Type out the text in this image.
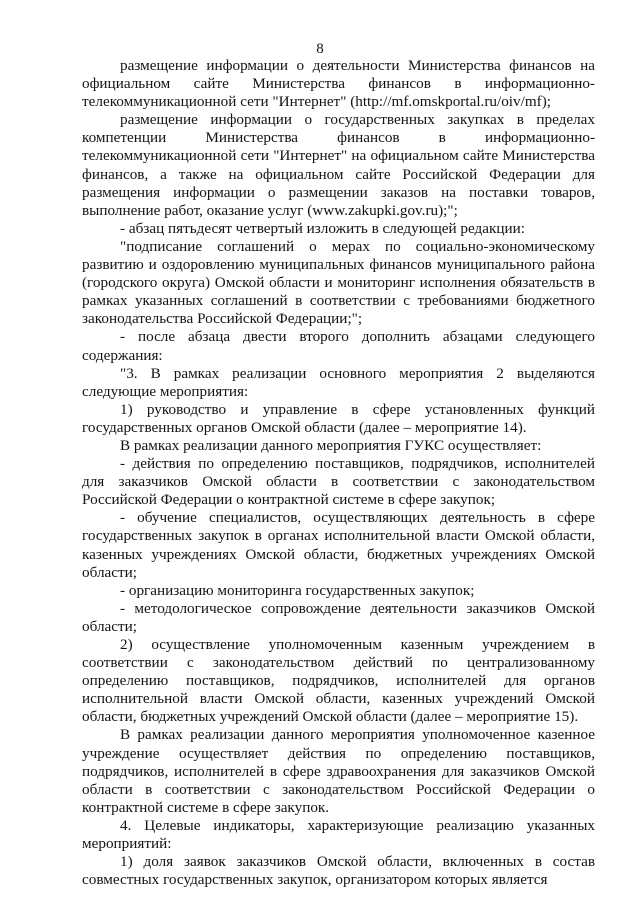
8

размещение информации о деятельности Министерства финансов на официальном сайте Министерства финансов в информационно-телекоммуникационной сети "Интернет" (http://mf.omskportal.ru/oiv/mf);

размещение информации о государственных закупках в пределах компетенции Министерства финансов в информационно-телекоммуникационной сети "Интернет" на официальном сайте Министерства финансов, а также на официальном сайте Российской Федерации для размещения информации о размещении заказов на поставки товаров, выполнение работ, оказание услуг (www.zakupki.gov.ru);";

- абзац пятьдесят четвертый изложить в следующей редакции:

"подписание соглашений о мерах по социально-экономическому развитию и оздоровлению муниципальных финансов муниципального района (городского округа) Омской области и мониторинг исполнения обязательств в рамках указанных соглашений в соответствии с требованиями бюджетного законодательства Российской Федерации;";

- после абзаца двести второго дополнить абзацами следующего содержания:

"3. В рамках реализации основного мероприятия 2 выделяются следующие мероприятия:

1) руководство и управление в сфере установленных функций государственных органов Омской области (далее – мероприятие 14).

В рамках реализации данного мероприятия ГУКС осуществляет:

- действия по определению поставщиков, подрядчиков, исполнителей для заказчиков Омской области в соответствии с законодательством Российской Федерации о контрактной системе в сфере закупок;

- обучение специалистов, осуществляющих деятельность в сфере государственных закупок в органах исполнительной власти Омской области, казенных учреждениях Омской области, бюджетных учреждениях Омской области;

- организацию мониторинга государственных закупок;

- методологическое сопровождение деятельности заказчиков Омской области;

2) осуществление уполномоченным казенным учреждением в соответствии с законодательством действий по централизованному определению поставщиков, подрядчиков, исполнителей для органов исполнительной власти Омской области, казенных учреждений Омской области, бюджетных учреждений Омской области (далее – мероприятие 15).

В рамках реализации данного мероприятия уполномоченное казенное учреждение осуществляет действия по определению поставщиков, подрядчиков, исполнителей в сфере здравоохранения для заказчиков Омской области в соответствии с законодательством Российской Федерации о контрактной системе в сфере закупок.

4. Целевые индикаторы, характеризующие реализацию указанных мероприятий:

1) доля заявок заказчиков Омской области, включенных в состав совместных государственных закупок, организатором которых является
